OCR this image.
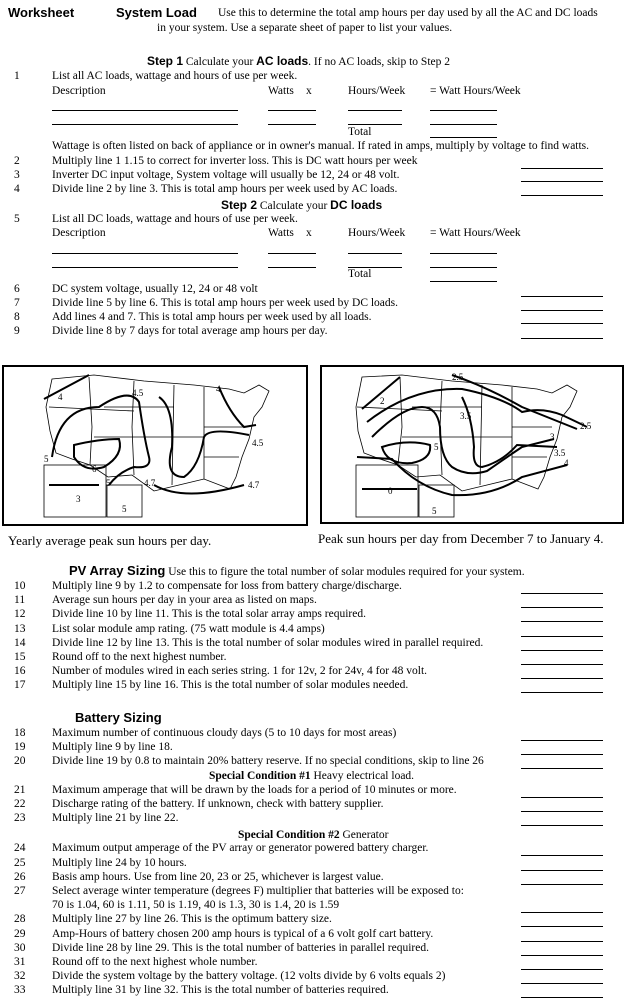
Worksheet	System Load Use this to determine the total amp hours per day used by all the AC and DC loads
in your system. Use a separate sheet of paper to list your values.
Step 1 Calculate your AC loads. If no AC loads, skip to Step 2
1	List all AC loads, wattage and hours of use per week.
Description	Watts x	Hours/Week = Watt Hours/Week
Total
Wattage is often listed on back of appliance or in owner's manual. If rated in amps, multiply by voltage to find watts.
2	Multiply line 1 1.15 to correct for inverter loss. This is DC watt hours per week
3	Inverter DC input voltage, System voltage will usually be 12, 24 or 48 volt.
4	Divide line 2 by line 3. This is total amp hours per week used by AC loads.
Step 2 Calculate your DC loads
5	List all DC loads, wattage and hours of use per week.
Description	Watts x	Hours/Week = Watt Hours/Week
Total
6	DC system voltage, usually 12, 24 or 48 volt
7	Divide line 5 by line 6. This is total amp hours per week used by DC loads.
8	Add lines 4 and 7. This is total amp hours per week used by all loads.
9	Divide line 8 by 7 days for total average amp hours per day.
4	4.5
5
6
5	4.7
4
4.5
4.7
3
5
Yearly average peak sun hours per day.
2
2.5
3
3.5
4
5
2.5
3.5
0
5
Peak sun hours per day from December 7 to January 4.
PV Array Sizing Use this to figure the total number of solar modules required for your system.
10 Multiply line 9 by 1.2 to compensate for loss from battery charge/discharge.
11 Average sun hours per day in your area as listed on maps.
12 Divide line 10 by line 11. This is the total solar array amps required.
13 List solar module amp rating. (75 watt module is 4.4 amps)
14 Divide line 12 by line 13. This is the total number of solar modules wired in parallel required.
15 Round off to the next highest number.
16 Number of modules wired in each series string. 1 for 12v, 2 for 24v, 4 for 48 volt.
17 Multiply line 15 by line 16. This is the total number of solar modules needed.
Battery Sizing
18 Maximum number of continuous cloudy days (5 to 10 days for most areas)
19 Multiply line 9 by line 18.
20 Divide line 19 by 0.8 to maintain 20% battery reserve. If no special conditions, skip to line 26
Special Condition #1 Heavy electrical load.
21 Maximum amperage that will be drawn by the loads for a period of 10 minutes or more.
22 Discharge rating of the battery. If unknown, check with battery supplier.
23 Multiply line 21 by line 22.
Special Condition #2 Generator
24 Maximum output amperage of the PV array or generator powered battery charger.
25 Multiply line 24 by 10 hours.
26 Basis amp hours. Use from line 20, 23 or 25, whichever is largest value.
27 Select average winter temperature (degrees F) multiplier that batteries will be exposed to:
70 is 1.04, 60 is 1.11, 50 is 1.19, 40 is 1.3, 30 is 1.4, 20 is 1.59
28 Multiply line 27 by line 26. This is the optimum battery size.
29 Amp-Hours of battery chosen 200 amp hours is typical of a 6 volt golf cart battery.
30 Divide line 28 by line 29. This is the total number of batteries in parallel required.
31 Round off to the next highest whole number.
32 Divide the system voltage by the battery voltage. (12 volts divide by 6 volts equals 2)
33 Multiply line 31 by line 32. This is the total number of batteries required.
